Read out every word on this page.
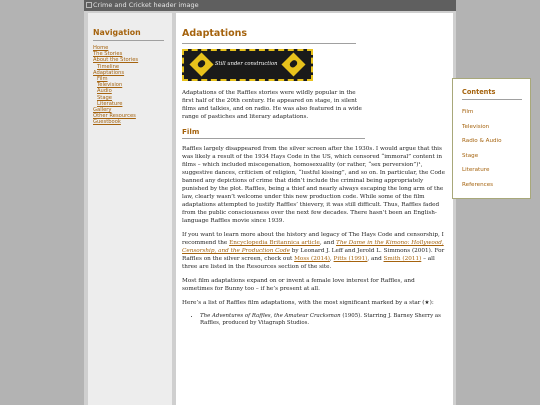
Crime and Cricket header image
Navigation
Home
The Stories
About the Stories
Timeline
Adaptations
Film
Television
Audio
Stage
Literature
Gallery
Other Resources
Guestbook
Adaptations
Still under construction

Adaptations of the Raffles stories were wildly popular in the first half of the 20th century. He appeared on stage, in silent films and talkies, and on radio. He was also featured in a wide range of pastiches and literary adaptations.

Film

Raffles largely disappeared from the silver screen after the 1930s. I would argue that this was likely a result of the 1934 Hays Code in the US, which censored “immoral” content in films – which included miscegenation, homosexuality (or rather, “sex perversion”)¹, suggestive dances, criticism of religion, “lustful kissing”, and so on. In particular, the Code banned any depictions of crime that didn’t include the criminal being appropriately punished by the plot. Raffles, being a thief and nearly always escaping the long arm of the law, clearly wasn’t welcome under this new production code. While some of the film adaptations attempted to justify Raffles’ thievery, it was still difficult. Thus, Raffles faded from the public consciousness over the next few decades. There hasn’t been an English-language Raffles movie since 1939.

If you want to learn more about the history and legacy of The Hays Code and censorship, I recommend the Encyclopedia Britannica article, and The Dame in the Kimono: Hollywood, Censorship, and the Production Code by Leonard J. Leff and Jerold L. Simmons (2001). For Raffles on the silver screen, check out Moss (2014), Pitts (1991), and Smith (2011) – all three are listed in the Resources section of the site.

Most film adaptations expand on or invent a female love interest for Raffles, and sometimes for Bunny too – if he’s present at all.

Here’s a list of Raffles film adaptations, with the most significant marked by a star (★):

• The Adventures of Raffles, the Amateur Cracksman (1905). Starring J. Barney Sherry as Raffles, produced by Vitagraph Studios.
Contents
Film
Television
Radio & Audio
Stage
Literature
References
